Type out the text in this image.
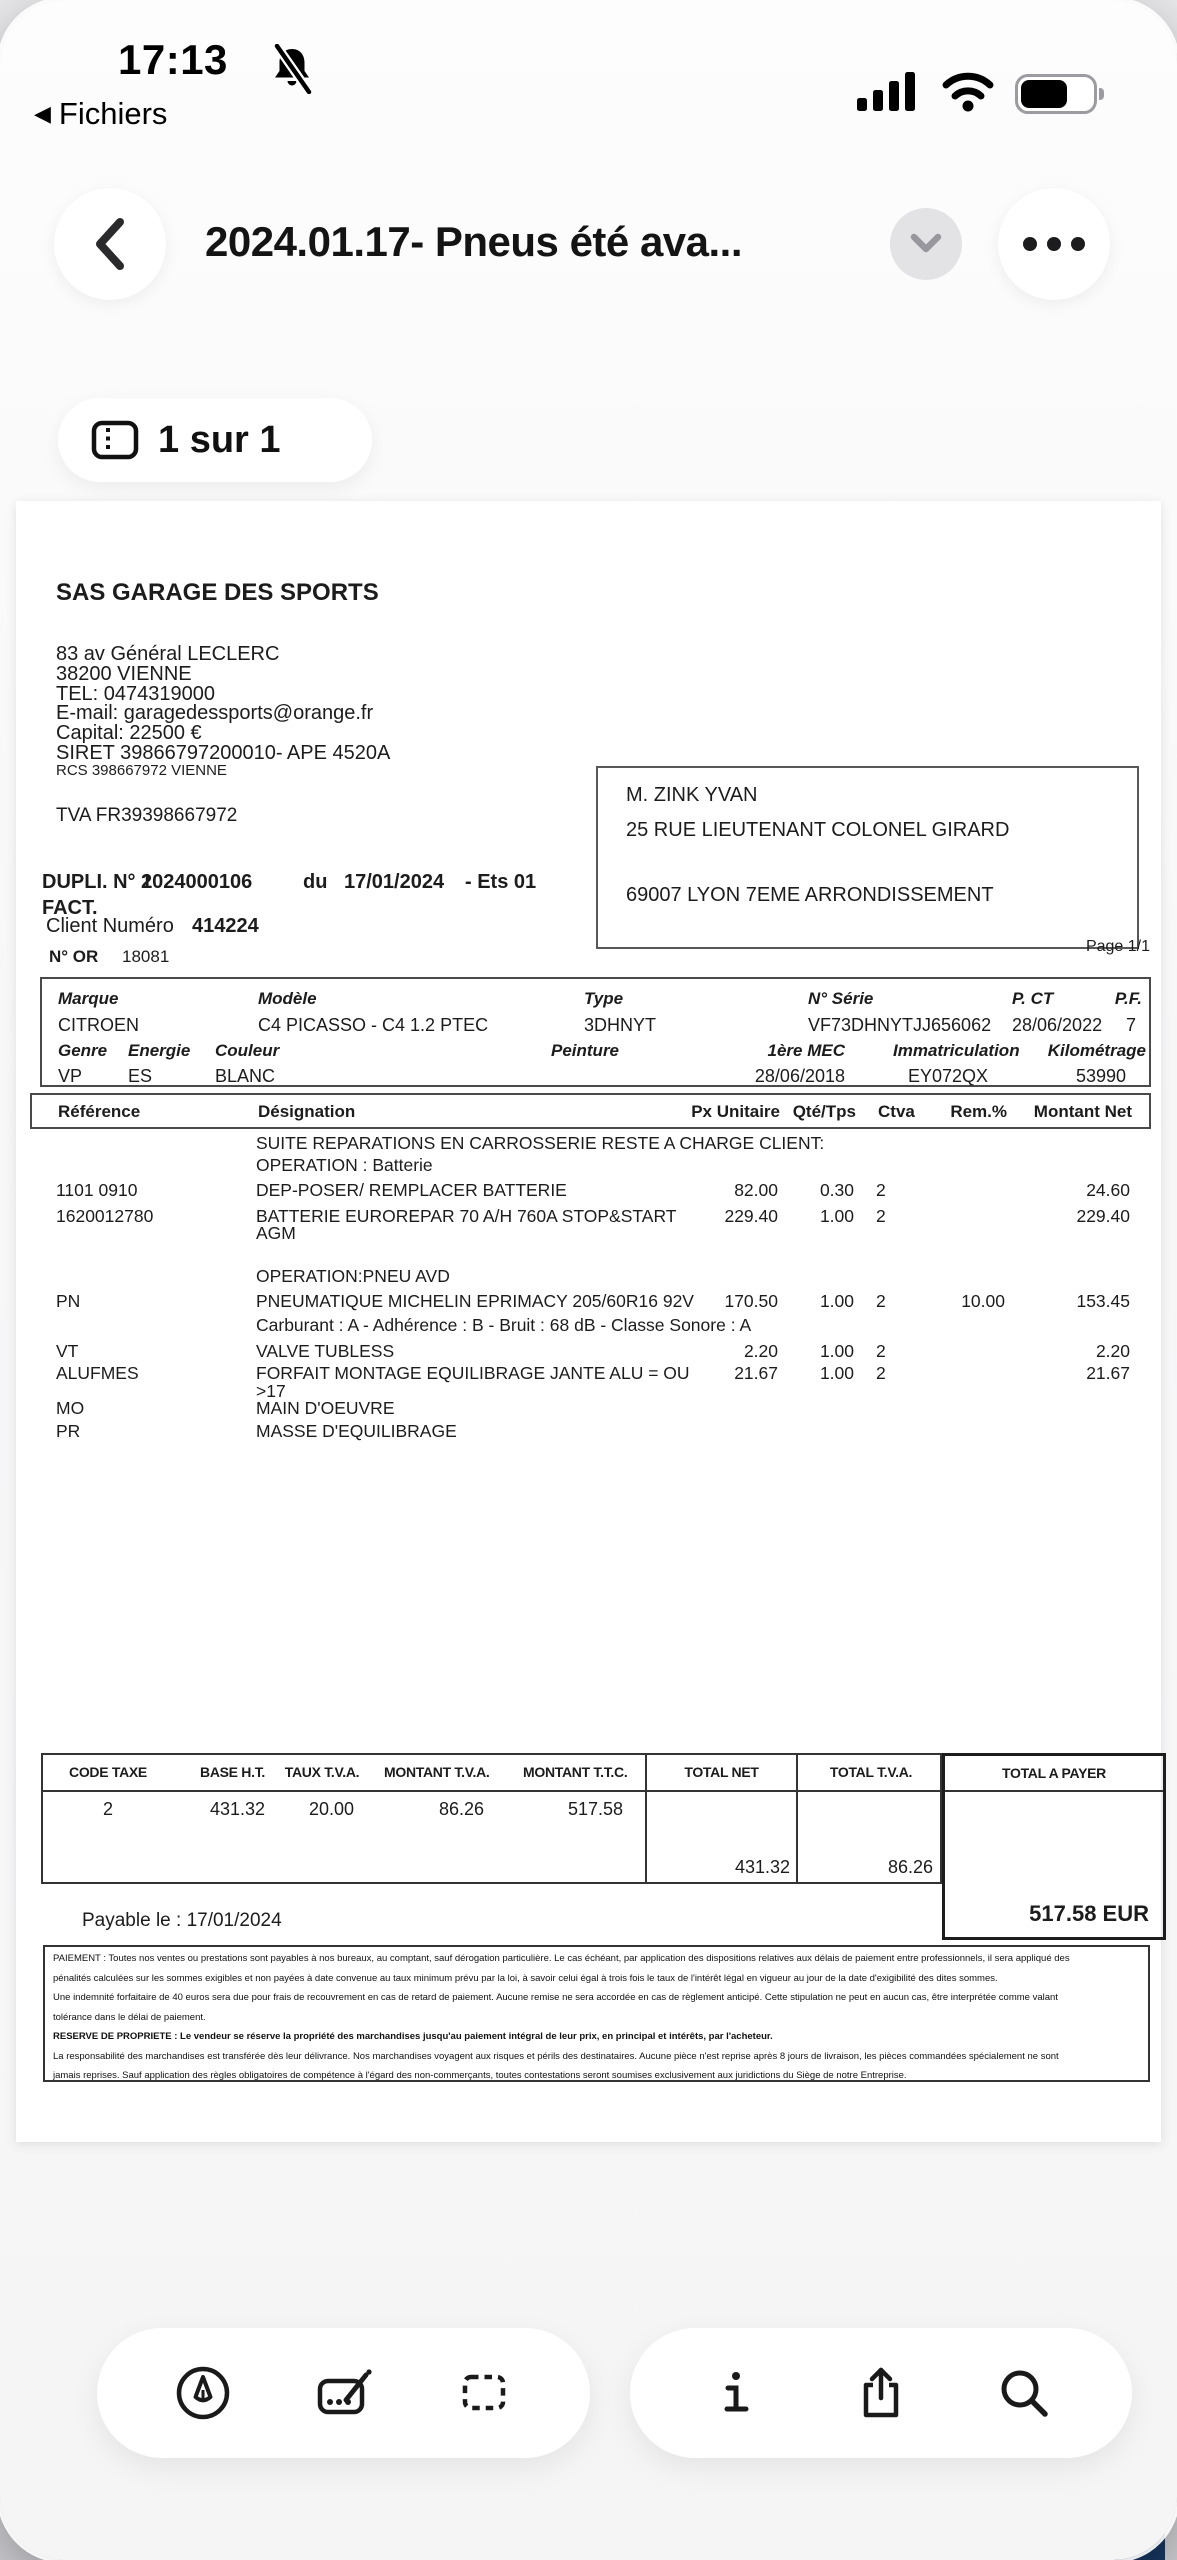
17:13
◀ Fichiers
2024.01.17- Pneus été ava...
1 sur 1
SAS GARAGE DES SPORTS
83 av Général LECLERC
38200 VIENNE
TEL: 0474319000
E-mail: garagedessports@orange.fr
Capital: 22500 €
SIRET 39866797200010- APE 4520A
RCS 398667972 VIENNE
TVA FR39398667972
M. ZINK YVAN
25 RUE LIEUTENANT COLONEL GIRARD
69007 LYON 7EME ARRONDISSEMENT
DUPLI. N° 1
2024000106	du 17/01/2024 - Ets 01
FACT.
Client Numéro 414224
N° OR 18081
Page 1/1
Marque	Modèle	Type	N° Série	P. CT	P.F.
CITROEN	C4 PICASSO - C4 1.2 PTEC	3DHNYT	VF73DHNYTJJ656062 28/06/2022	7
Genre Energie Couleur	Peinture	1ère MEC	Immatriculation	Kilométrage
VP	ES	BLANC	28/06/2018	EY072QX	53990
Référence	Désignation	Px Unitaire Qté/Tps Ctva	Rem.%	Montant Net
SUITE REPARATIONS EN CARROSSERIE RESTE A CHARGE CLIENT:
OPERATION : Batterie
1101 0910	DEP-POSER/ REMPLACER BATTERIE	82.00	0.30 2	24.60
1620012780	BATTERIE EUROREPAR 70 A/H 760A STOP&START	229.40	1.00 2	229.40
AGM
OPERATION:PNEU AVD
PN	PNEUMATIQUE MICHELIN EPRIMACY 205/60R16 92V	170.50	1.00 2	10.00	153.45
Carburant : A - Adhérence : B - Bruit : 68 dB - Classe Sonore : A
VT	VALVE TUBLESS	2.20	1.00 2	2.20
ALUFMES	FORFAIT MONTAGE EQUILIBRAGE JANTE ALU = OU	21.67	1.00 2	21.67
>17
MO	MAIN D'OEUVRE
PR	MASSE D'EQUILIBRAGE
CODE TAXE	BASE H.T.	TAUX T.V.A.	MONTANT T.V.A. MONTANT T.T.C.	TOTAL NET	TOTAL T.V.A.
2	431.32	20.00	86.26	517.58
431.32	86.26
TOTAL A PAYER
517.58 EUR
Payable le : 17/01/2024
PAIEMENT : Toutes nos ventes ou prestations sont payables à nos bureaux, au comptant, sauf dérogation particulière. Le cas échéant, par application des dispositions relatives aux délais de paiement entre professionnels, il sera appliqué des
pénalités calculées sur les sommes exigibles et non payées à date convenue au taux minimum prévu par la loi, à savoir celui égal à trois fois le taux de l'intérêt légal en vigueur au jour de la date d'exigibilité des dites sommes.
Une indemnité forfaitaire de 40 euros sera due pour frais de recouvrement en cas de retard de paiement. Aucune remise ne sera accordée en cas de règlement anticipé. Cette stipulation ne peut en aucun cas, être interprétée comme valant
tolérance dans le délai de paiement.
RESERVE DE PROPRIETE : Le vendeur se réserve la propriété des marchandises jusqu'au paiement intégral de leur prix, en principal et intérêts, par l'acheteur.
La responsabilité des marchandises est transférée dès leur délivrance. Nos marchandises voyagent aux risques et périls des destinataires. Aucune pièce n'est reprise après 8 jours de livraison, les pièces commandées spécialement ne sont
jamais reprises. Sauf application des règles obligatoires de compétence à l'égard des non-commerçants, toutes contestations seront soumises exclusivement aux juridictions du Siège de notre Entreprise.
